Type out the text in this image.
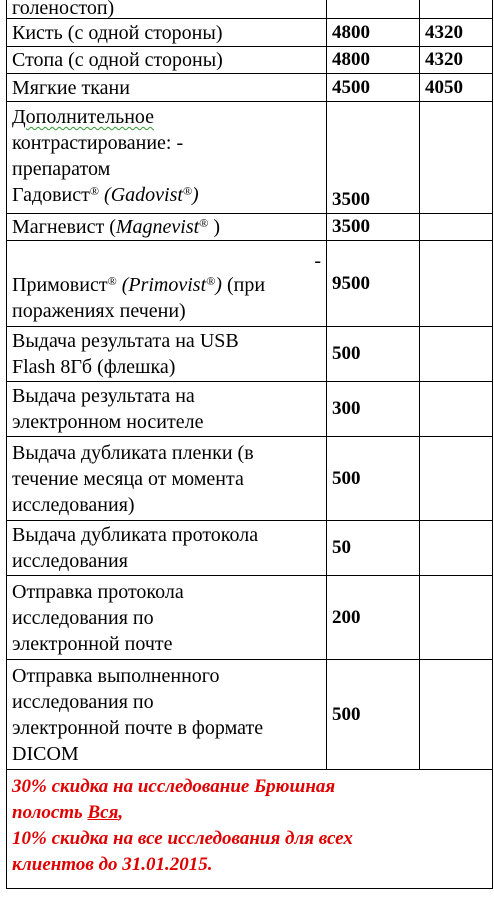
голеностоп)		
Кисть (с одной стороны)	4800	4320
Стопа (с одной стороны)	4800	4320
Мягкие ткани	4500	4050
Дополнительное
контрастирование: -
препаратом
Гадовист® (Gadovist®)	3500	
Магневист (Magnevist® )	3500	

-
Примовист® (Primovist®) (при
поражениях печени)	9500	
Выдача результата на USB
Flash 8Гб (флешка)	500	
Выдача результата на
электронном носителе	300	
Выдача дубликата пленки (в
течение месяца от момента
исследования)	500	
Выдача дубликата протокола
исследования	50	
Отправка протокола
исследования по
электронной почте	200	
Отправка выполненного
исследования по
электронной почте в формате
DICOM	500	
30% скидка на исследование Брюшная
полость Вся,
10% скидка на все исследования для всех
клиентов до 31.01.2015.		
